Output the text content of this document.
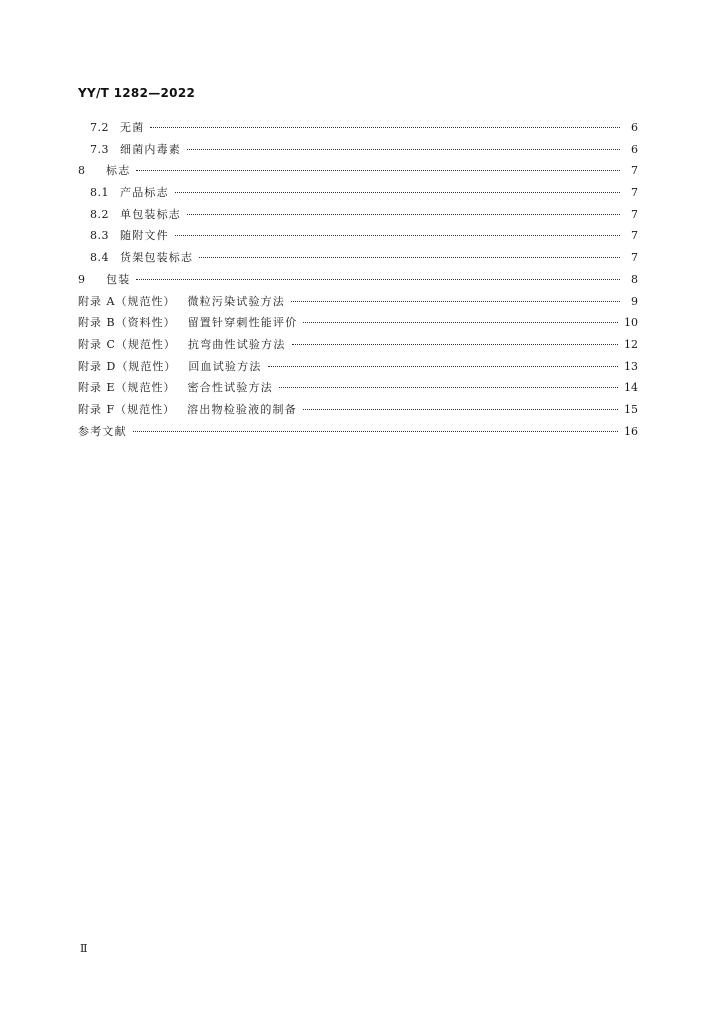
YY/T 1282—2022
7.2	无菌	6
7.3	细菌内毒素	6
8	标志	7
8.1	产品标志	7
8.2	单包装标志	7
8.3	随附文件	7
8.4	货架包装标志	7
9	包装	8
附录 A（规范性） 微粒污染试验方法	9
附录 B（资料性） 留置针穿刺性能评价	10
附录 C（规范性） 抗弯曲性试验方法	12
附录 D（规范性） 回血试验方法	13
附录 E（规范性） 密合性试验方法	14
附录 F（规范性） 溶出物检验液的制备	15
参考文献	16
Ⅱ
